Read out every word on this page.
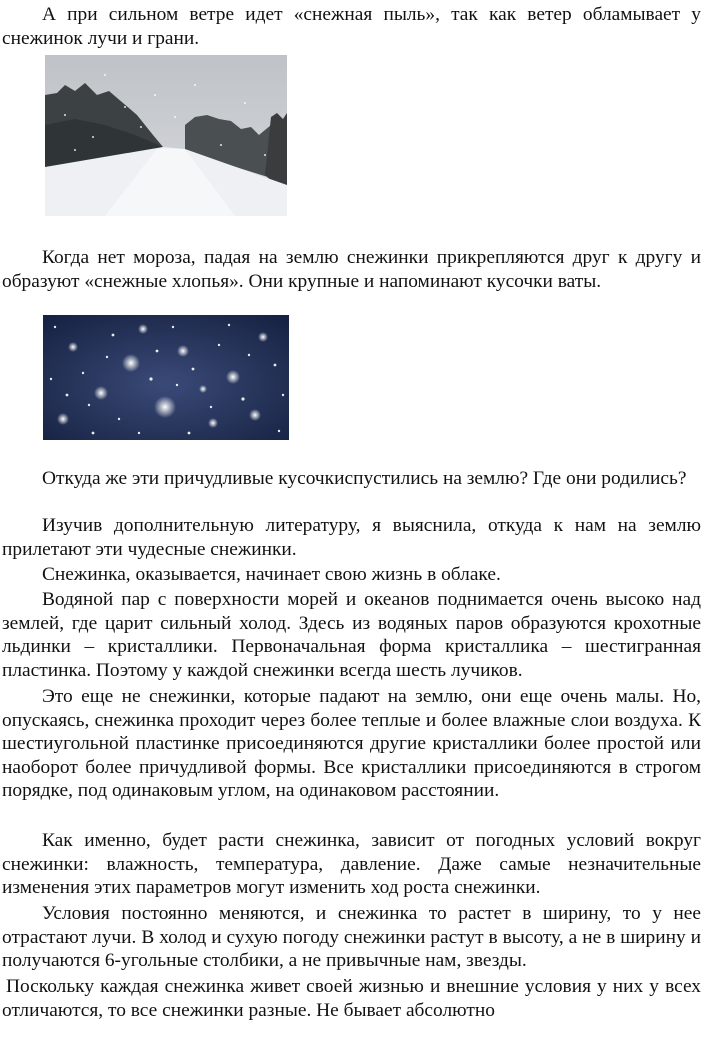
А при сильном ветре идет «снежная пыль», так как ветер обламывает у снежинок лучи и грани.

Когда нет мороза, падая на землю снежинки прикрепляются друг к другу и образуют «снежные хлопья». Они крупные и напоминают кусочки ваты.

Откуда же эти причудливые кусочкиспустились на землю? Где они родились?

Изучив дополнительную литературу, я выяснила, откуда к нам на землю прилетают эти чудесные снежинки.

Снежинка, оказывается, начинает свою жизнь в облаке.

Водяной пар с поверхности морей и океанов поднимается очень высоко над землей, где царит сильный холод. Здесь из водяных паров образуются крохотные льдинки – кристаллики. Первоначальная форма кристаллика – шестигранная пластинка. Поэтому у каждой снежинки всегда шесть лучиков.

Это еще не снежинки, которые падают на землю, они еще очень малы. Но, опускаясь, снежинка проходит через более теплые и более влажные слои воздуха. К шестиугольной пластинке присоединяются другие кристаллики более простой или наоборот более причудливой формы. Все кристаллики присоединяются в строгом порядке, под одинаковым углом, на одинаковом расстоянии.

Как именно, будет расти снежинка, зависит от погодных условий вокруг снежинки: влажность, температура, давление. Даже самые незначительные изменения этих параметров могут изменить ход роста снежинки.

Условия постоянно меняются, и снежинка то растет в ширину, то у нее отрастают лучи. В холод и сухую погоду снежинки растут в высоту, а не в ширину и получаются 6-угольные столбики, а не привычные нам, звезды.

Поскольку каждая снежинка живет своей жизнью и внешние условия у них у всех отличаются, то все снежинки разные. Не бывает абсолютно
